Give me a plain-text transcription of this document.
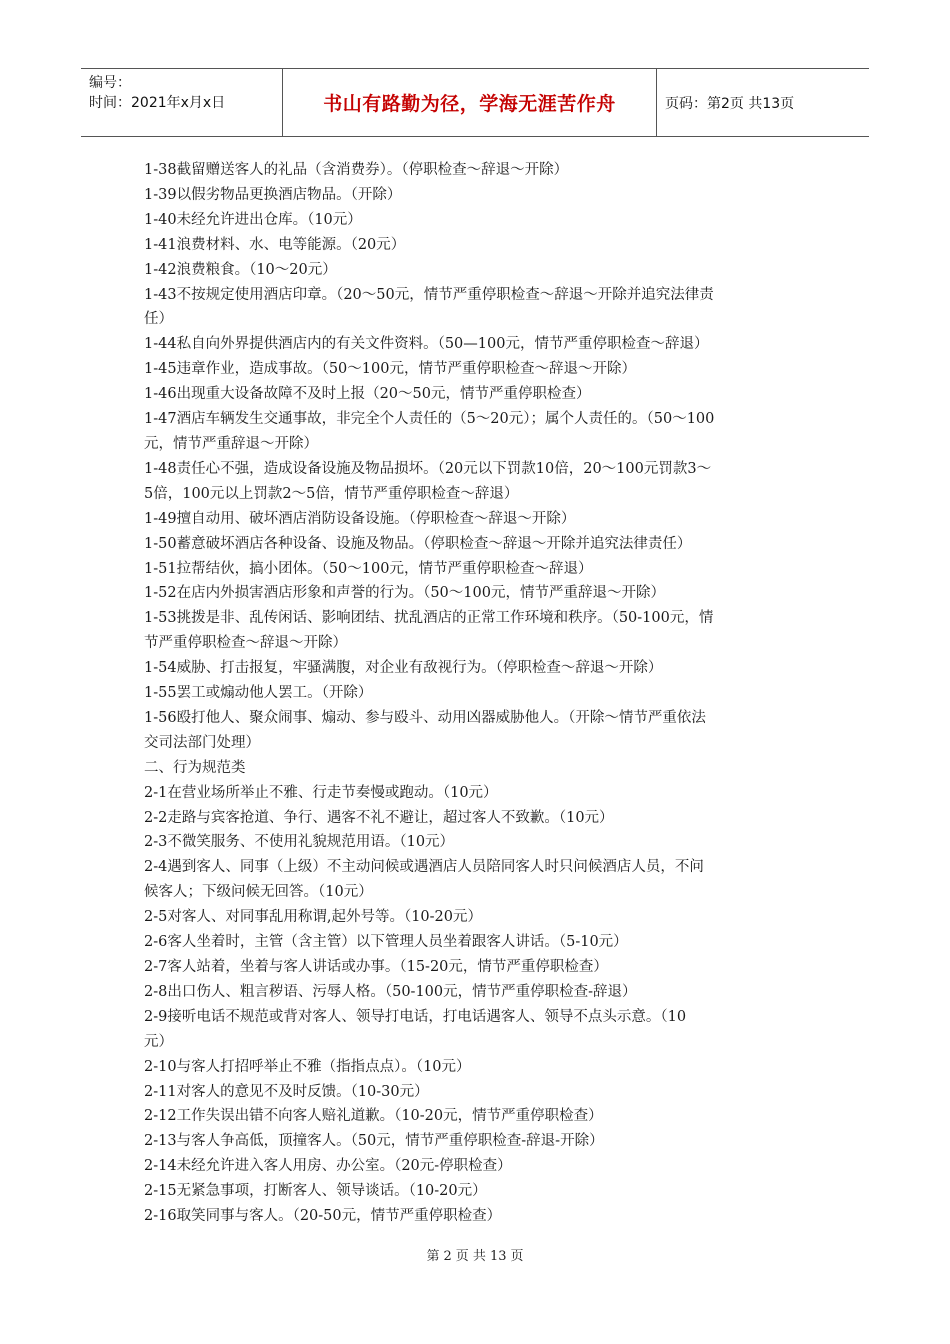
编号：
时间：2021年x月x日	书山有路勤为径，学海无涯苦作舟	页码：第2页 共13页
1-38截留赠送客人的礼品（含消费券）。（停职检查～辞退～开除）
1-39以假劣物品更换酒店物品。（开除）
1-40未经允许进出仓库。（10元）
1-41浪费材料、水、电等能源。（20元）
1-42浪费粮食。（10～20元）
1-43不按规定使用酒店印章。（20～50元，情节严重停职检查～辞退～开除并追究法律责
任）
1-44私自向外界提供酒店内的有关文件资料。（50—100元，情节严重停职检查～辞退）
1-45违章作业，造成事故。（50～100元，情节严重停职检查～辞退～开除）
1-46出现重大设备故障不及时上报（20～50元，情节严重停职检查）
1-47酒店车辆发生交通事故，非完全个人责任的（5～20元）；属个人责任的。（50～100
元，情节严重辞退～开除）
1-48责任心不强，造成设备设施及物品损坏。（20元以下罚款10倍，20～100元罚款3～
5倍，100元以上罚款2～5倍，情节严重停职检查～辞退）
1-49擅自动用、破坏酒店消防设备设施。（停职检查～辞退～开除）
1-50蓄意破坏酒店各种设备、设施及物品。（停职检查～辞退～开除并追究法律责任）
1-51拉帮结伙，搞小团体。（50～100元，情节严重停职检查～辞退）
1-52在店内外损害酒店形象和声誉的行为。（50～100元，情节严重辞退～开除）
1-53挑拨是非、乱传闲话、影响团结、扰乱酒店的正常工作环境和秩序。（50-100元，情
节严重停职检查～辞退～开除）
1-54威胁、打击报复，牢骚满腹，对企业有敌视行为。（停职检查～辞退～开除）
1-55罢工或煽动他人罢工。（开除）
1-56殴打他人、聚众闹事、煽动、参与殴斗、动用凶器威胁他人。（开除～情节严重依法
交司法部门处理）
二、行为规范类
2-1在营业场所举止不雅、行走节奏慢或跑动。（10元）
2-2走路与宾客抢道、争行、遇客不礼不避让，超过客人不致歉。（10元）
2-3不微笑服务、不使用礼貌规范用语。（10元）
2-4遇到客人、同事（上级）不主动问候或遇酒店人员陪同客人时只问候酒店人员，不问
候客人；下级问候无回答。（10元）
2-5对客人、对同事乱用称谓,起外号等。（10-20元）
2-6客人坐着时，主管（含主管）以下管理人员坐着跟客人讲话。（5-10元）
2-7客人站着，坐着与客人讲话或办事。（15-20元，情节严重停职检查）
2-8出口伤人、粗言秽语、污辱人格。（50-100元，情节严重停职检查-辞退）
2-9接听电话不规范或背对客人、领导打电话，打电话遇客人、领导不点头示意。（10
元）
2-10与客人打招呼举止不雅（指指点点）。（10元）
2-11对客人的意见不及时反馈。（10-30元）
2-12工作失误出错不向客人赔礼道歉。（10-20元，情节严重停职检查）
2-13与客人争高低，顶撞客人。（50元，情节严重停职检查-辞退-开除）
2-14未经允许进入客人用房、办公室。（20元-停职检查）
2-15无紧急事项，打断客人、领导谈话。（10-20元）
2-16取笑同事与客人。（20-50元，情节严重停职检查）
第 2 页 共 13 页
